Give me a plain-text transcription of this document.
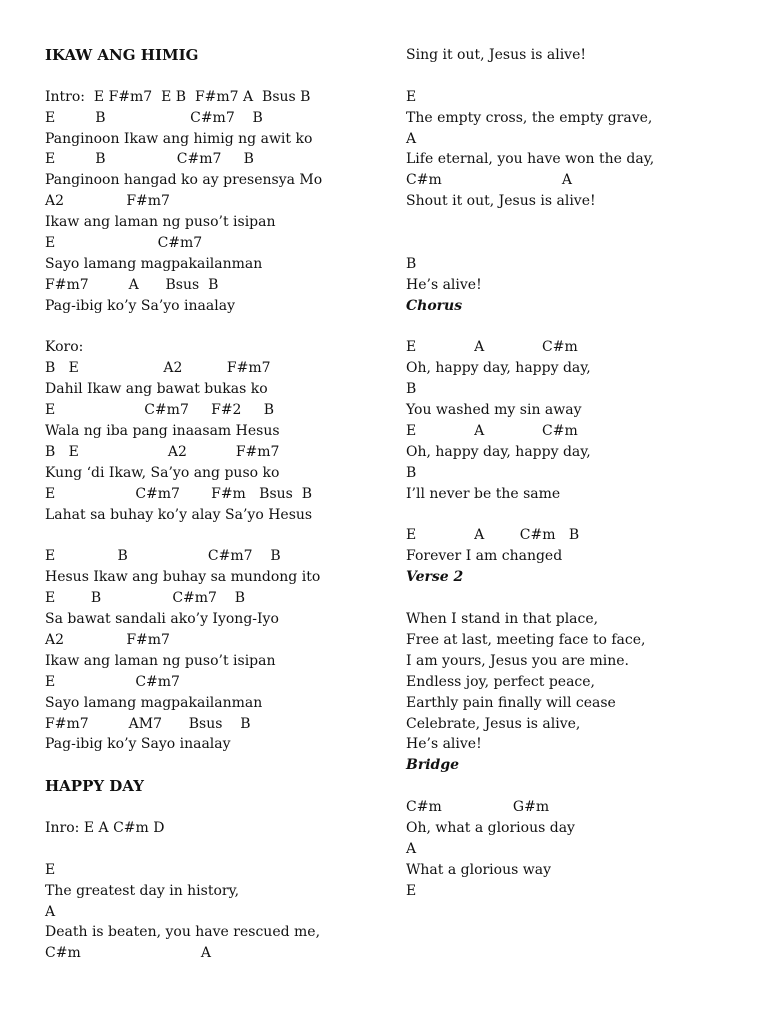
IKAW ANG HIMIG
Intro:  E F#m7  E B  F#m7 A  Bsus B
E         B                   C#m7    B
Panginoon Ikaw ang himig ng awit ko
E         B                C#m7     B
Panginoon hangad ko ay presensya Mo
A2              F#m7
Ikaw ang laman ng puso’t isipan
E                       C#m7
Sayo lamang magpakailanman
F#m7         A      Bsus  B
Pag-ibig ko’y Sa’yo inaalay
Koro:
B   E                   A2          F#m7
Dahil Ikaw ang bawat bukas ko
E                    C#m7     F#2     B
Wala ng iba pang inaasam Hesus
B   E                    A2           F#m7
Kung ‘di Ikaw, Sa’yo ang puso ko
E                  C#m7       F#m   Bsus  B
Lahat sa buhay ko’y alay Sa’yo Hesus
E              B                  C#m7    B
Hesus Ikaw ang buhay sa mundong ito
E        B                C#m7    B
Sa bawat sandali ako’y Iyong-Iyo
A2              F#m7
Ikaw ang laman ng puso’t isipan
E                  C#m7
Sayo lamang magpakailanman
F#m7         AM7      Bsus    B
Pag-ibig ko’y Sayo inaalay
HAPPY DAY
Inro: E A C#m D
E
The greatest day in history,
A
Death is beaten, you have rescued me,
C#m                           A
Sing it out, Jesus is alive!
E
The empty cross, the empty grave,
A
Life eternal, you have won the day,
C#m                           A
Shout it out, Jesus is alive!
B
He’s alive!
Chorus
E             A             C#m
Oh, happy day, happy day,
B
You washed my sin away
E             A             C#m
Oh, happy day, happy day,
B
I’ll never be the same
E             A        C#m   B
Forever I am changed
Verse 2
When I stand in that place,
Free at last, meeting face to face,
I am yours, Jesus you are mine.
Endless joy, perfect peace,
Earthly pain finally will cease
Celebrate, Jesus is alive,
He’s alive!
Bridge
C#m                G#m
Oh, what a glorious day
A
What a glorious way
E
